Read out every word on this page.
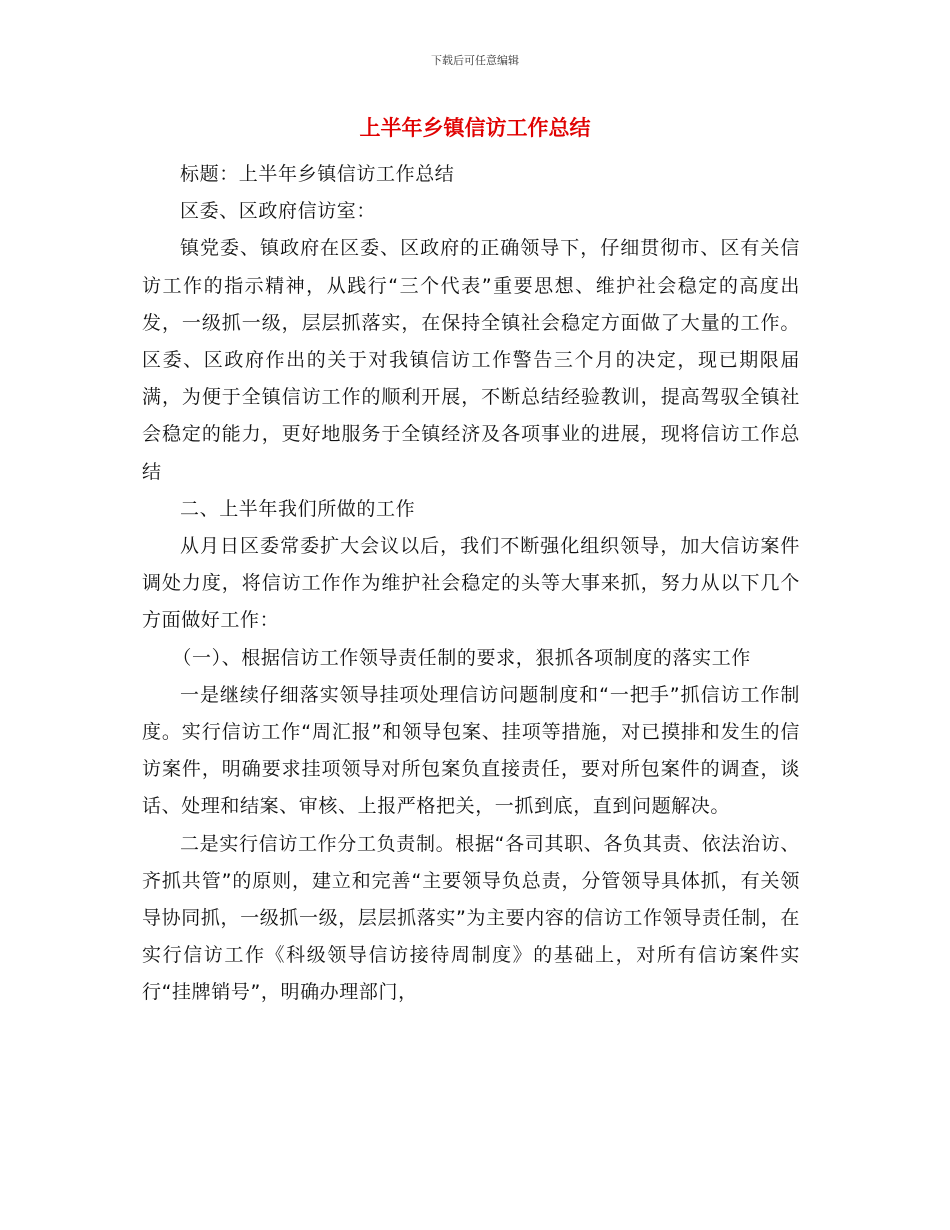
下载后可任意编辑
上半年乡镇信访工作总结

标题：上半年乡镇信访工作总结

区委、区政府信访室：

镇党委、镇政府在区委、区政府的正确领导下，仔细贯彻市、区有关信访工作的指示精神，从践行“三个代表”重要思想、维护社会稳定的高度出发，一级抓一级，层层抓落实，在保持全镇社会稳定方面做了大量的工作。区委、区政府作出的关于对我镇信访工作警告三个月的决定，现已期限届满，为便于全镇信访工作的顺利开展，不断总结经验教训，提高驾驭全镇社会稳定的能力，更好地服务于全镇经济及各项事业的进展，现将信访工作总结

二、上半年我们所做的工作

从月日区委常委扩大会议以后，我们不断强化组织领导，加大信访案件调处力度，将信访工作作为维护社会稳定的头等大事来抓，努力从以下几个方面做好工作：

（一）、根据信访工作领导责任制的要求，狠抓各项制度的落实工作

一是继续仔细落实领导挂项处理信访问题制度和“一把手”抓信访工作制度。实行信访工作“周汇报”和领导包案、挂项等措施，对已摸排和发生的信访案件，明确要求挂项领导对所包案负直接责任，要对所包案件的调查，谈话、处理和结案、审核、上报严格把关，一抓到底，直到问题解决。

二是实行信访工作分工负责制。根据“各司其职、各负其责、依法治访、齐抓共管”的原则，建立和完善“主要领导负总责，分管领导具体抓，有关领导协同抓，一级抓一级，层层抓落实”为主要内容的信访工作领导责任制，在实行信访工作《科级领导信访接待周制度》的基础上，对所有信访案件实行“挂牌销号”，明确办理部门，
